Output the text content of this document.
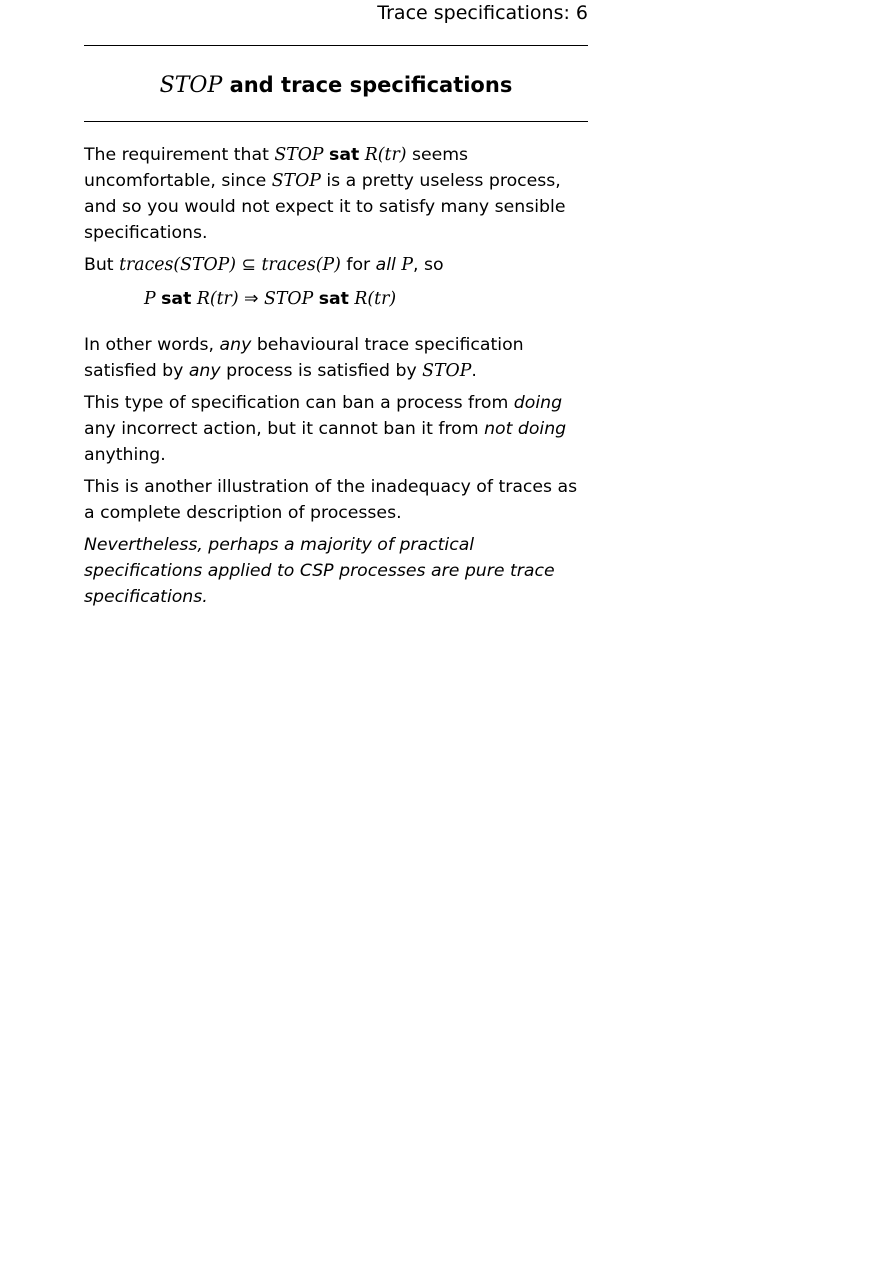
Trace specifications: 6
STOP and trace specifications

The requirement that STOP sat R(tr) seems uncomfortable, since STOP is a pretty useless process, and so you would not expect it to satisfy many sensible specifications.

But traces(STOP) ⊆ traces(P) for all P, so

P sat R(tr) ⇒ STOP sat R(tr)

In other words, any behavioural trace specification satisfied by any process is satisfied by STOP.

This type of specification can ban a process from doing any incorrect action, but it cannot ban it from not doing anything.

This is another illustration of the inadequacy of traces as a complete description of processes.

Nevertheless, perhaps a majority of practical specifications applied to CSP processes are pure trace specifications.
